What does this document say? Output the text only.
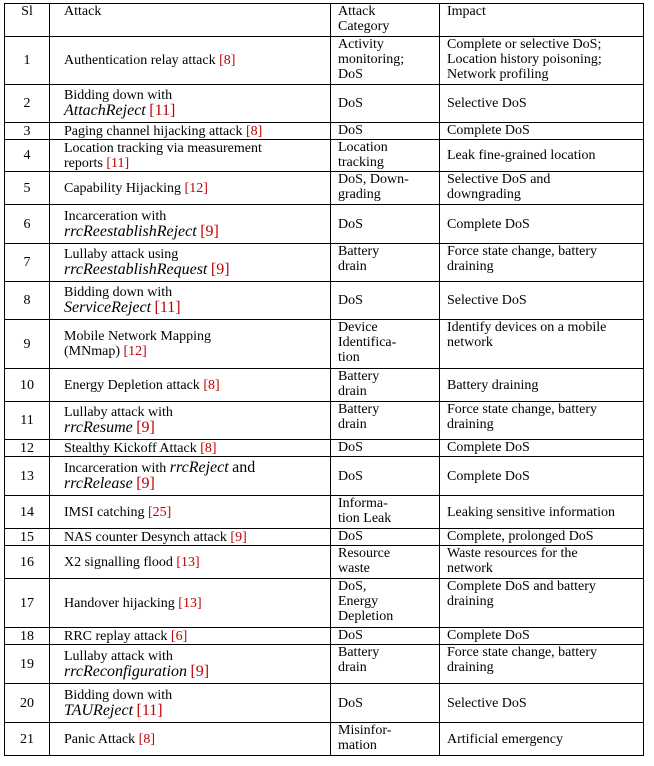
Sl	Attack	Attack
Category	Impact
1	Authentication relay attack [8]	Activity
monitoring;
DoS	Complete or selective DoS;
Location history poisoning;
Network profiling
2	Bidding down with
AttachReject [11]	DoS	Selective DoS
3	Paging channel hijacking attack [8]	DoS	Complete DoS
4	Location tracking via measurement
reports [11]	Location
tracking	Leak fine-grained location
5	Capability Hijacking [12]	DoS, Down-
grading	Selective DoS and
downgrading
6	Incarceration with
rrcReestablishReject [9]	DoS	Complete DoS
7	Lullaby attack using
rrcReestablishRequest [9]	Battery
drain	Force state change, battery
draining
8	Bidding down with
ServiceReject [11]	DoS	Selective DoS
9	Mobile Network Mapping
(MNmap) [12]	Device
Identifica-
tion	Identify devices on a mobile
network
10	Energy Depletion attack [8]	Battery
drain	Battery draining
11	Lullaby attack with
rrcResume [9]	Battery
drain	Force state change, battery
draining
12	Stealthy Kickoff Attack [8]	DoS	Complete DoS
13	Incarceration with rrcReject and
rrcRelease [9]	DoS	Complete DoS
14	IMSI catching [25]	Informa-
tion Leak	Leaking sensitive information
15	NAS counter Desynch attack [9]	DoS	Complete, prolonged DoS
16	X2 signalling flood [13]	Resource
waste	Waste resources for the
network
17	Handover hijacking [13]	DoS,
Energy
Depletion	Complete DoS and battery
draining
18	RRC replay attack [6]	DoS	Complete DoS
19	Lullaby attack with
rrcReconfiguration [9]	Battery
drain	Force state change, battery
draining
20	Bidding down with
TAUReject [11]	DoS	Selective DoS
21	Panic Attack [8]	Misinfor-
mation	Artificial emergency
